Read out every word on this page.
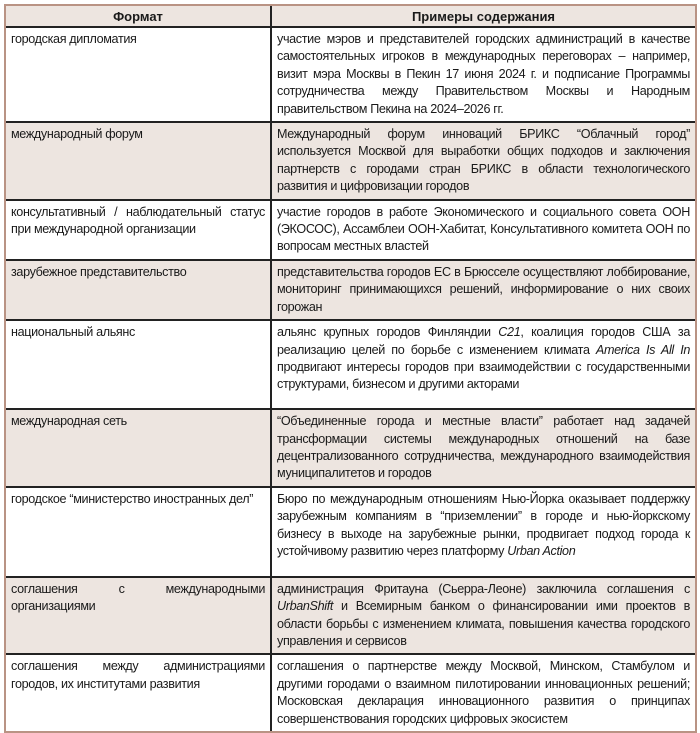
Формат	Примеры содержания
городская дипломатия	участие мэров и представителей городских администраций в качестве самостоятельных игроков в международных переговорах – например, визит мэра Москвы в Пекин 17 июня 2024 г. и подписание Программы сотрудничества между Правительством Москвы и Народным правительством Пекина на 2024–2026 гг.
международный форум	Международный форум инноваций БРИКС “Облачный город” используется Москвой для выработки общих подходов и заключения партнерств с городами стран БРИКС в области технологического развития и цифровизации городов
консультативный / наблюдательный статус при международной организации	участие городов в работе Экономического и социального совета ООН (ЭКОСОС), Ассамблеи ООН-Хабитат, Консультативного комитета ООН по вопросам местных властей
зарубежное представительство	представительства городов ЕС в Брюсселе осуществляют лоббирование, мониторинг принимающихся решений, информирование о них своих горожан
национальный альянс	альянс крупных городов Финляндии C21, коалиция городов США за реализацию целей по борьбе с изменением климата America Is All In продвигают интересы городов при взаимодействии с государственными структурами, бизнесом и другими акторами
международная сеть	“Объединенные города и местные власти” работает над задачей трансформации системы международных отношений на базе децентрализованного сотрудничества, международного взаимодействия муниципалитетов и городов
городское “министерство иностранных дел”	Бюро по международным отношениям Нью-Йорка оказывает поддержку зарубежным компаниям в “приземлении” в городе и нью-йоркскому бизнесу в выходе на зарубежные рынки, продвигает подход города к устойчивому развитию через платформу Urban Action
соглашения с международными организациями	администрация Фритауна (Сьерра-Леоне) заключила соглашения с UrbanShift и Всемирным банком о финансировании ими проектов в области борьбы с изменением климата, повышения качества городского управления и сервисов
соглашения между администрациями городов, их институтами развития	соглашения о партнерстве между Москвой, Минском, Стамбулом и другими городами о взаимном пилотировании инновационных решений; Московская декларация инновационного развития о принципах совершенствования городских цифровых экосистем
